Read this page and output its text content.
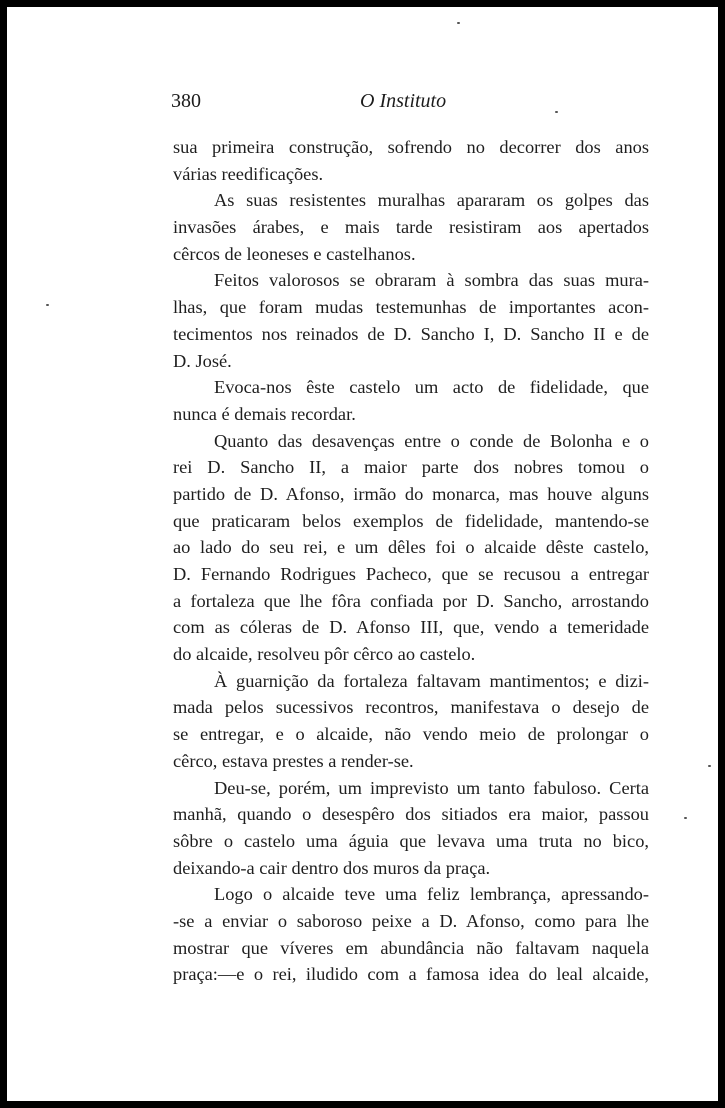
380	O Instituto
sua primeira construção, sofrendo no decorrer dos anos
várias reedificações.
As suas resistentes muralhas apararam os golpes das
invasões árabes, e mais tarde resistiram aos apertados
cêrcos de leoneses e castelhanos.
Feitos valorosos se obraram à sombra das suas mura-
lhas, que foram mudas testemunhas de importantes acon-
tecimentos nos reinados de D. Sancho I, D. Sancho II e de
D. José.
Evoca-nos êste castelo um acto de fidelidade, que
nunca é demais recordar.
Quanto das desavenças entre o conde de Bolonha e o
rei D. Sancho II, a maior parte dos nobres tomou o
partido de D. Afonso, irmão do monarca, mas houve alguns
que praticaram belos exemplos de fidelidade, mantendo-se
ao lado do seu rei, e um dêles foi o alcaide dêste castelo,
D. Fernando Rodrigues Pacheco, que se recusou a entregar
a fortaleza que lhe fôra confiada por D. Sancho, arrostando
com as cóleras de D. Afonso III, que, vendo a temeridade
do alcaide, resolveu pôr cêrco ao castelo.
À guarnição da fortaleza faltavam mantimentos; e dizi-
mada pelos sucessivos recontros, manifestava o desejo de
se entregar, e o alcaide, não vendo meio de prolongar o
cêrco, estava prestes a render-se.
Deu-se, porém, um imprevisto um tanto fabuloso. Certa
manhã, quando o desespêro dos sitiados era maior, passou
sôbre o castelo uma águia que levava uma truta no bico,
deixando-a cair dentro dos muros da praça.
Logo o alcaide teve uma feliz lembrança, apressando-
-se a enviar o saboroso peixe a D. Afonso, como para lhe
mostrar que víveres em abundância não faltavam naquela
praça:—e o rei, iludido com a famosa idea do leal alcaide,
